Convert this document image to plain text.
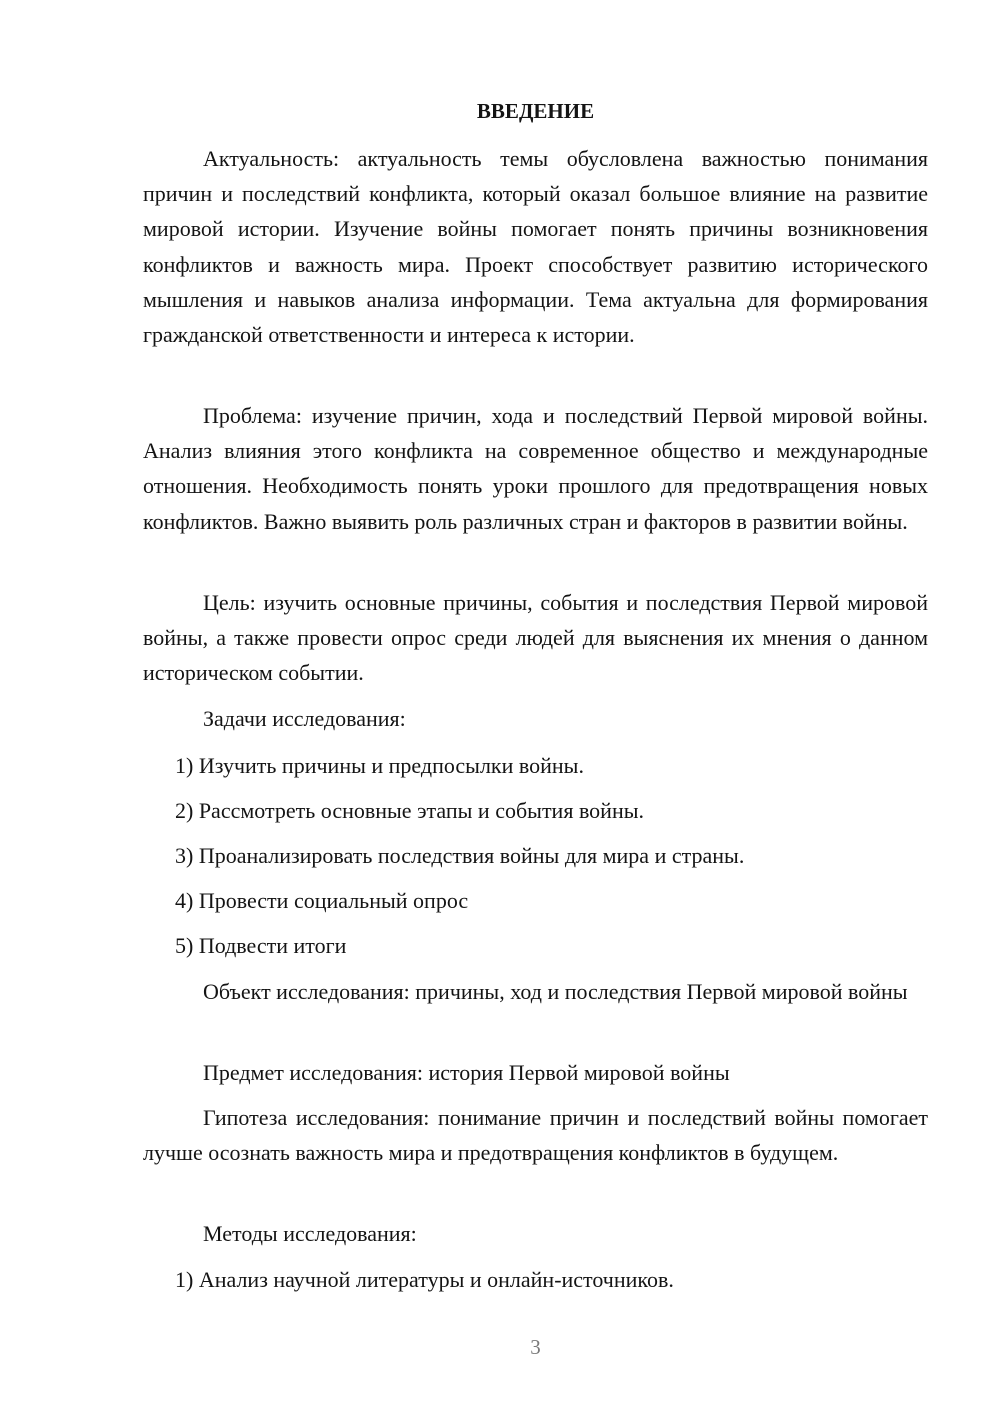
ВВЕДЕНИЕ
Актуальность: актуальность темы обусловлена важностью понимания причин и последствий конфликта, который оказал большое влияние на развитие мировой истории. Изучение войны помогает понять причины возникновения конфликтов и важность мира. Проект способствует развитию исторического мышления и навыков анализа информации. Тема актуальна для формирования гражданской ответственности и интереса к истории.
Проблема: изучение причин, хода и последствий Первой мировой войны. Анализ влияния этого конфликта на современное общество и международные отношения. Необходимость понять уроки прошлого для предотвращения новых конфликтов. Важно выявить роль различных стран и факторов в развитии войны.
Цель: изучить основные причины, события и последствия Первой мировой войны, а также провести опрос среди людей для выяснения их мнения о данном историческом событии.
Задачи исследования:
1) Изучить причины и предпосылки войны.
2) Рассмотреть основные этапы и события войны.
3) Проанализировать последствия войны для мира и страны.
4) Провести социальный опрос
5) Подвести итоги
Объект исследования: причины, ход и последствия Первой мировой войны
Предмет исследования: история Первой мировой войны
Гипотеза исследования: понимание причин и последствий войны помогает лучше осознать важность мира и предотвращения конфликтов в будущем.
Методы исследования:
1) Анализ научной литературы и онлайн-источников.
3
